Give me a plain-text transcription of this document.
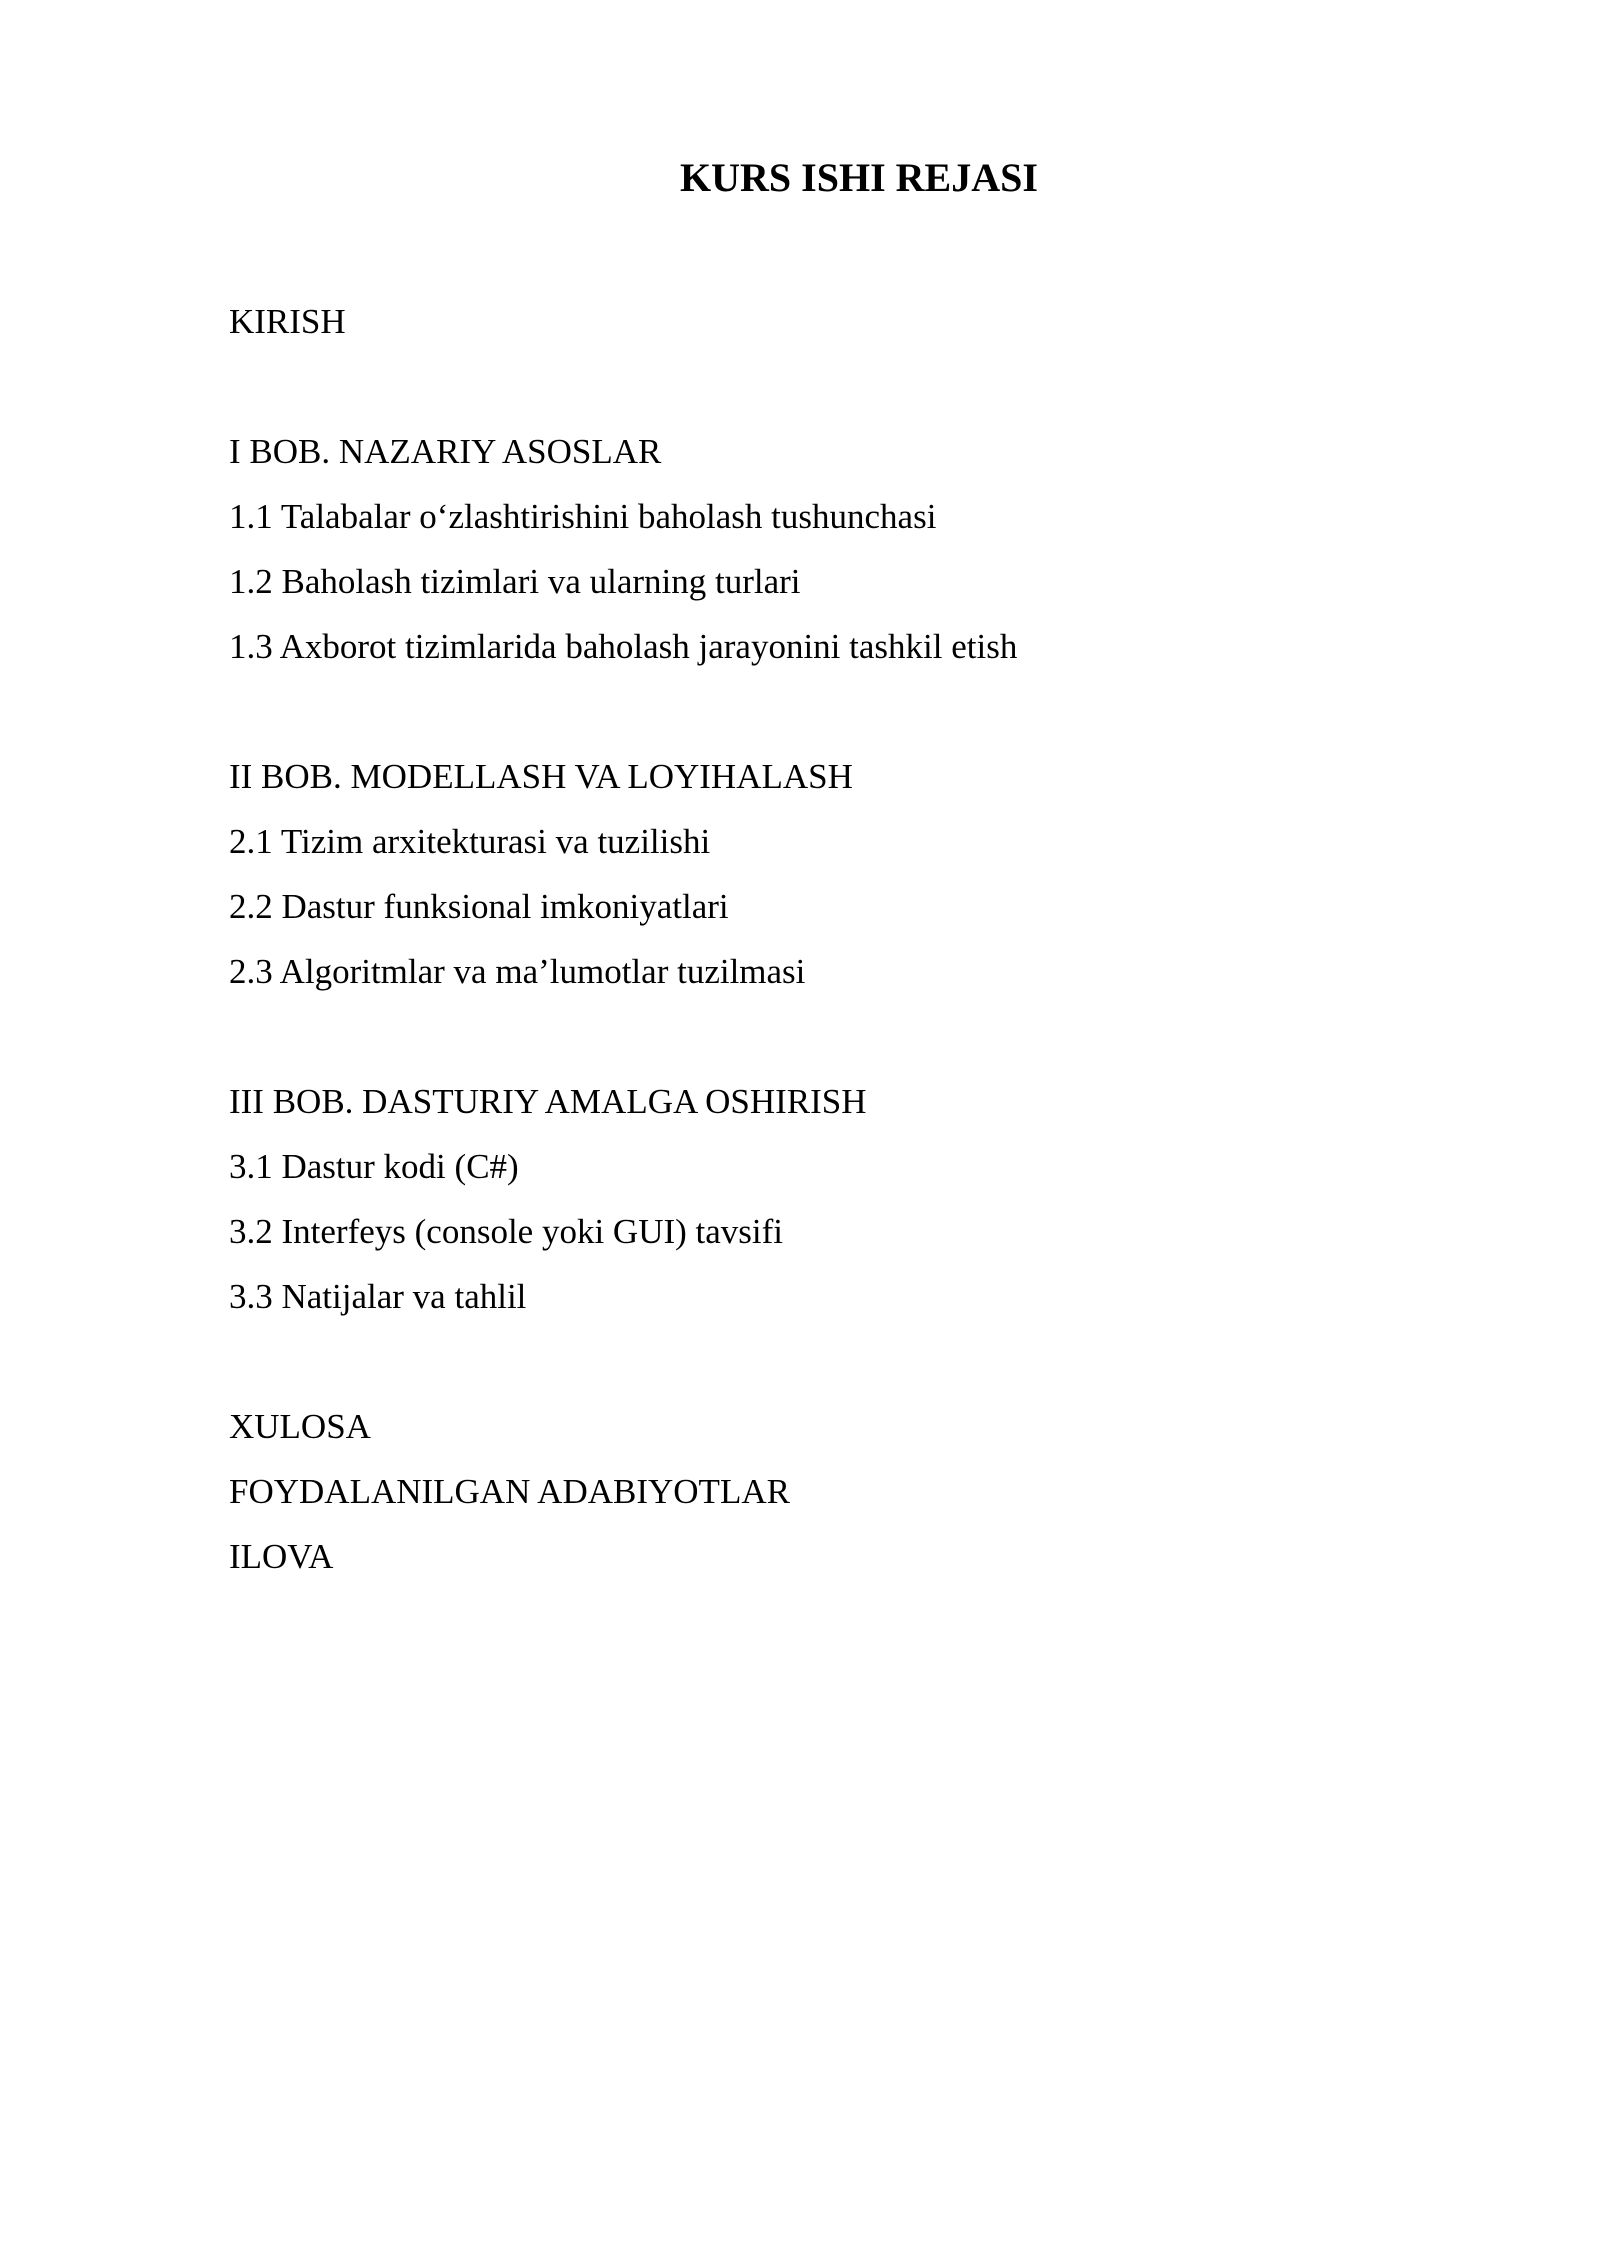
KURS ISHI REJASI
KIRISH
I BOB. NAZARIY ASOSLAR
1.1 Talabalar o‘zlashtirishini baholash tushunchasi
1.2 Baholash tizimlari va ularning turlari
1.3 Axborot tizimlarida baholash jarayonini tashkil etish
II BOB. MODELLASH VA LOYIHALASH
2.1 Tizim arxitekturasi va tuzilishi
2.2 Dastur funksional imkoniyatlari
2.3 Algoritmlar va ma’lumotlar tuzilmasi
III BOB. DASTURIY AMALGA OSHIRISH
3.1 Dastur kodi (C#)
3.2 Interfeys (console yoki GUI) tavsifi
3.3 Natijalar va tahlil
XULOSA
FOYDALANILGAN ADABIYOTLAR
ILOVA
